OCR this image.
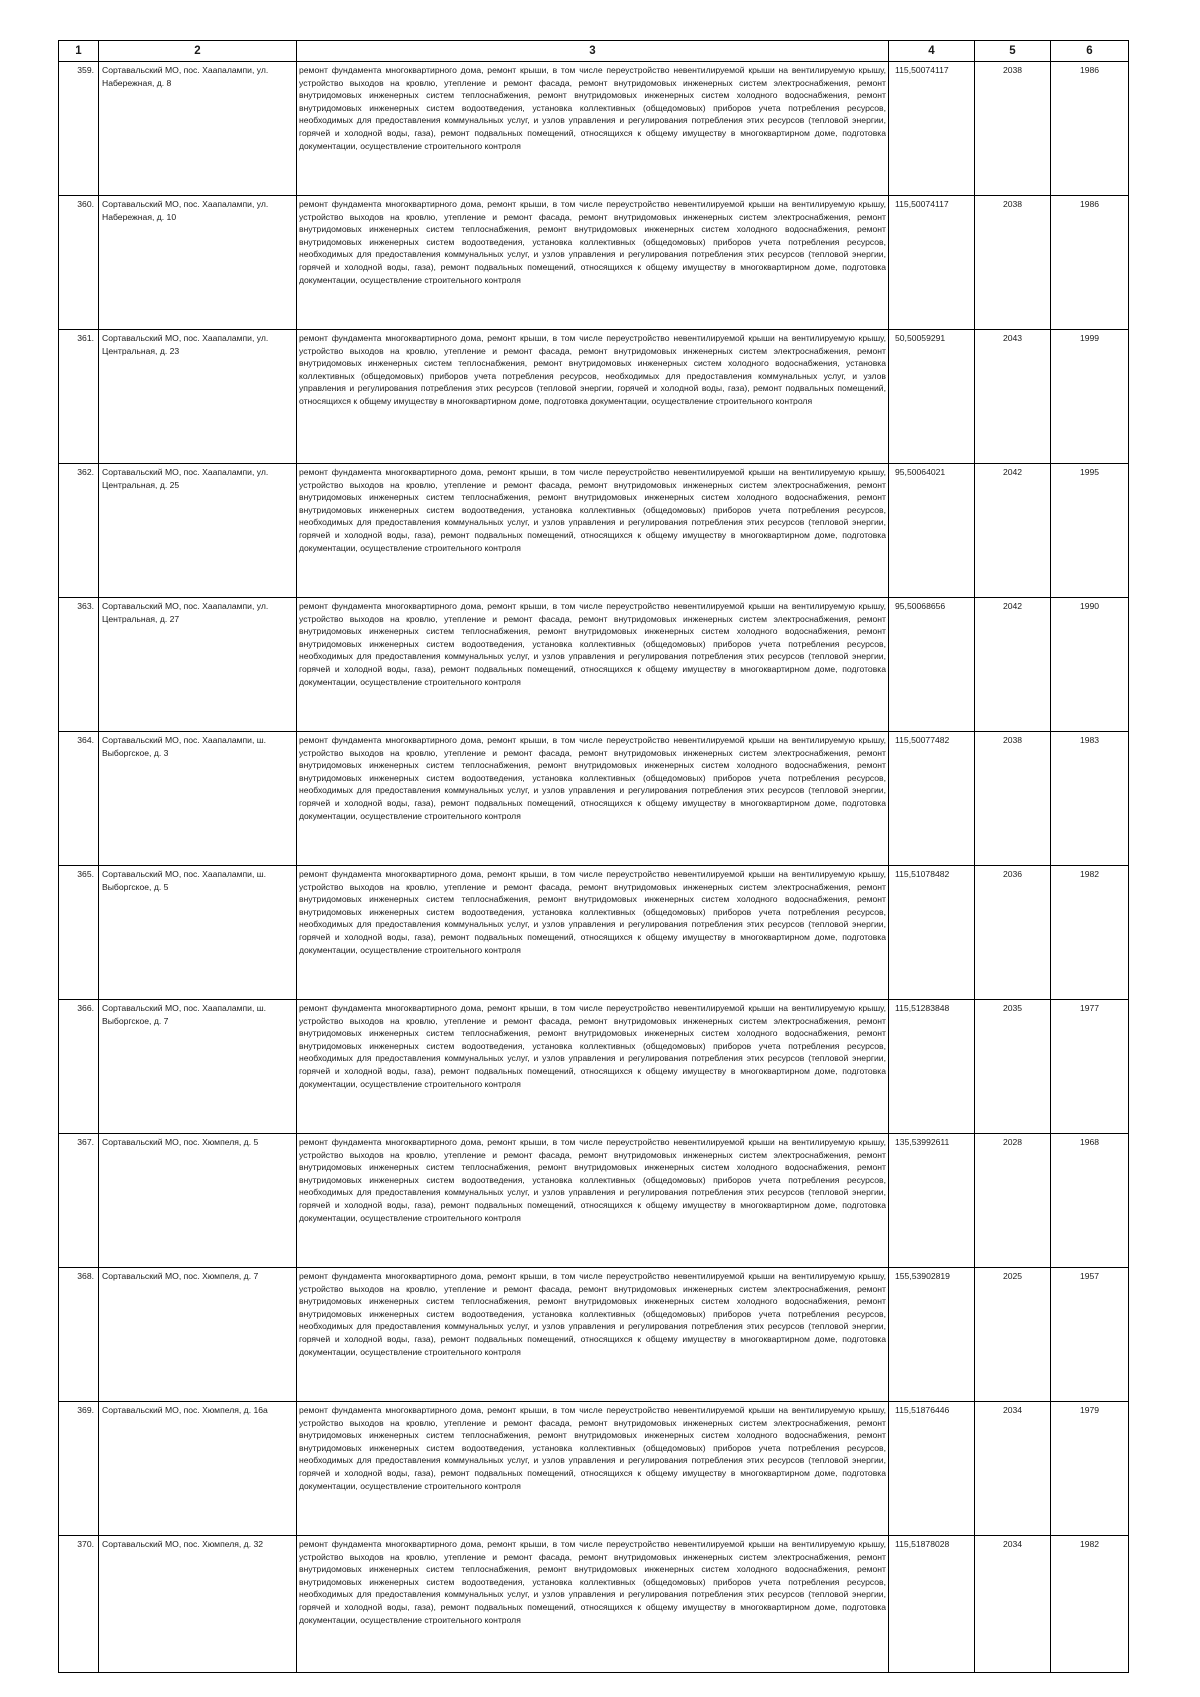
1	2	3	4	5	6
359.	Сортавальский МО, пос. Хаапалампи, ул. Набережная, д. 8	ремонт фундамента многоквартирного дома, ремонт крыши, в том числе переустройство невентилируемой крыши на вентилируемую крышу, устройство выходов на кровлю, утепление и ремонт фасада, ремонт внутридомовых инженерных систем электроснабжения, ремонт внутридомовых инженерных систем теплоснабжения, ремонт внутридомовых инженерных систем холодного водоснабжения, ремонт внутридомовых инженерных систем водоотведения, установка коллективных (общедомовых) приборов учета потребления ресурсов, необходимых для предоставления коммунальных услуг, и узлов управления и регулирования потребления этих ресурсов (тепловой энергии, горячей и холодной воды, газа), ремонт подвальных помещений, относящихся к общему имуществу в многоквартирном доме, подготовка документации, осуществление строительного контроля	115,50074117	2038	1986
360.	Сортавальский МО, пос. Хаапалампи, ул. Набережная, д. 10	ремонт фундамента многоквартирного дома, ремонт крыши, в том числе переустройство невентилируемой крыши на вентилируемую крышу, устройство выходов на кровлю, утепление и ремонт фасада, ремонт внутридомовых инженерных систем электроснабжения, ремонт внутридомовых инженерных систем теплоснабжения, ремонт внутридомовых инженерных систем холодного водоснабжения, ремонт внутридомовых инженерных систем водоотведения, установка коллективных (общедомовых) приборов учета потребления ресурсов, необходимых для предоставления коммунальных услуг, и узлов управления и регулирования потребления этих ресурсов (тепловой энергии, горячей и холодной воды, газа), ремонт подвальных помещений, относящихся к общему имуществу в многоквартирном доме, подготовка документации, осуществление строительного контроля	115,50074117	2038	1986
361.	Сортавальский МО, пос. Хаапалампи, ул. Центральная, д. 23	ремонт фундамента многоквартирного дома, ремонт крыши, в том числе переустройство невентилируемой крыши на вентилируемую крышу, устройство выходов на кровлю, утепление и ремонт фасада, ремонт внутридомовых инженерных систем электроснабжения, ремонт внутридомовых инженерных систем теплоснабжения, ремонт внутридомовых инженерных систем холодного водоснабжения, установка коллективных (общедомовых) приборов учета потребления ресурсов, необходимых для предоставления коммунальных услуг, и узлов управления и регулирования потребления этих ресурсов (тепловой энергии, горячей и холодной воды, газа), ремонт подвальных помещений, относящихся к общему имуществу в многоквартирном доме, подготовка документации, осуществление строительного контроля	50,50059291	2043	1999
362.	Сортавальский МО, пос. Хаапалампи, ул. Центральная, д. 25	ремонт фундамента многоквартирного дома, ремонт крыши, в том числе переустройство невентилируемой крыши на вентилируемую крышу, устройство выходов на кровлю, утепление и ремонт фасада, ремонт внутридомовых инженерных систем электроснабжения, ремонт внутридомовых инженерных систем теплоснабжения, ремонт внутридомовых инженерных систем холодного водоснабжения, ремонт внутридомовых инженерных систем водоотведения, установка коллективных (общедомовых) приборов учета потребления ресурсов, необходимых для предоставления коммунальных услуг, и узлов управления и регулирования потребления этих ресурсов (тепловой энергии, горячей и холодной воды, газа), ремонт подвальных помещений, относящихся к общему имуществу в многоквартирном доме, подготовка документации, осуществление строительного контроля	95,50064021	2042	1995
363.	Сортавальский МО, пос. Хаапалампи, ул. Центральная, д. 27	ремонт фундамента многоквартирного дома, ремонт крыши, в том числе переустройство невентилируемой крыши на вентилируемую крышу, устройство выходов на кровлю, утепление и ремонт фасада, ремонт внутридомовых инженерных систем электроснабжения, ремонт внутридомовых инженерных систем теплоснабжения, ремонт внутридомовых инженерных систем холодного водоснабжения, ремонт внутридомовых инженерных систем водоотведения, установка коллективных (общедомовых) приборов учета потребления ресурсов, необходимых для предоставления коммунальных услуг, и узлов управления и регулирования потребления этих ресурсов (тепловой энергии, горячей и холодной воды, газа), ремонт подвальных помещений, относящихся к общему имуществу в многоквартирном доме, подготовка документации, осуществление строительного контроля	95,50068656	2042	1990
364.	Сортавальский МО, пос. Хаапалампи, ш. Выборгское, д. 3	ремонт фундамента многоквартирного дома, ремонт крыши, в том числе переустройство невентилируемой крыши на вентилируемую крышу, устройство выходов на кровлю, утепление и ремонт фасада, ремонт внутридомовых инженерных систем электроснабжения, ремонт внутридомовых инженерных систем теплоснабжения, ремонт внутридомовых инженерных систем холодного водоснабжения, ремонт внутридомовых инженерных систем водоотведения, установка коллективных (общедомовых) приборов учета потребления ресурсов, необходимых для предоставления коммунальных услуг, и узлов управления и регулирования потребления этих ресурсов (тепловой энергии, горячей и холодной воды, газа), ремонт подвальных помещений, относящихся к общему имуществу в многоквартирном доме, подготовка документации, осуществление строительного контроля	115,50077482	2038	1983
365.	Сортавальский МО, пос. Хаапалампи, ш. Выборгское, д. 5	ремонт фундамента многоквартирного дома, ремонт крыши, в том числе переустройство невентилируемой крыши на вентилируемую крышу, устройство выходов на кровлю, утепление и ремонт фасада, ремонт внутридомовых инженерных систем электроснабжения, ремонт внутридомовых инженерных систем теплоснабжения, ремонт внутридомовых инженерных систем холодного водоснабжения, ремонт внутридомовых инженерных систем водоотведения, установка коллективных (общедомовых) приборов учета потребления ресурсов, необходимых для предоставления коммунальных услуг, и узлов управления и регулирования потребления этих ресурсов (тепловой энергии, горячей и холодной воды, газа), ремонт подвальных помещений, относящихся к общему имуществу в многоквартирном доме, подготовка документации, осуществление строительного контроля	115,51078482	2036	1982
366.	Сортавальский МО, пос. Хаапалампи, ш. Выборгское, д. 7	ремонт фундамента многоквартирного дома, ремонт крыши, в том числе переустройство невентилируемой крыши на вентилируемую крышу, устройство выходов на кровлю, утепление и ремонт фасада, ремонт внутридомовых инженерных систем электроснабжения, ремонт внутридомовых инженерных систем теплоснабжения, ремонт внутридомовых инженерных систем холодного водоснабжения, ремонт внутридомовых инженерных систем водоотведения, установка коллективных (общедомовых) приборов учета потребления ресурсов, необходимых для предоставления коммунальных услуг, и узлов управления и регулирования потребления этих ресурсов (тепловой энергии, горячей и холодной воды, газа), ремонт подвальных помещений, относящихся к общему имуществу в многоквартирном доме, подготовка документации, осуществление строительного контроля	115,51283848	2035	1977
367.	Сортавальский МО, пос. Хюмпеля, д. 5	ремонт фундамента многоквартирного дома, ремонт крыши, в том числе переустройство невентилируемой крыши на вентилируемую крышу, устройство выходов на кровлю, утепление и ремонт фасада, ремонт внутридомовых инженерных систем электроснабжения, ремонт внутридомовых инженерных систем теплоснабжения, ремонт внутридомовых инженерных систем холодного водоснабжения, ремонт внутридомовых инженерных систем водоотведения, установка коллективных (общедомовых) приборов учета потребления ресурсов, необходимых для предоставления коммунальных услуг, и узлов управления и регулирования потребления этих ресурсов (тепловой энергии, горячей и холодной воды, газа), ремонт подвальных помещений, относящихся к общему имуществу в многоквартирном доме, подготовка документации, осуществление строительного контроля	135,53992611	2028	1968
368.	Сортавальский МО, пос. Хюмпеля, д. 7	ремонт фундамента многоквартирного дома, ремонт крыши, в том числе переустройство невентилируемой крыши на вентилируемую крышу, устройство выходов на кровлю, утепление и ремонт фасада, ремонт внутридомовых инженерных систем электроснабжения, ремонт внутридомовых инженерных систем теплоснабжения, ремонт внутридомовых инженерных систем холодного водоснабжения, ремонт внутридомовых инженерных систем водоотведения, установка коллективных (общедомовых) приборов учета потребления ресурсов, необходимых для предоставления коммунальных услуг, и узлов управления и регулирования потребления этих ресурсов (тепловой энергии, горячей и холодной воды, газа), ремонт подвальных помещений, относящихся к общему имуществу в многоквартирном доме, подготовка документации, осуществление строительного контроля	155,53902819	2025	1957
369.	Сортавальский МО, пос. Хюмпеля, д. 16а	ремонт фундамента многоквартирного дома, ремонт крыши, в том числе переустройство невентилируемой крыши на вентилируемую крышу, устройство выходов на кровлю, утепление и ремонт фасада, ремонт внутридомовых инженерных систем электроснабжения, ремонт внутридомовых инженерных систем теплоснабжения, ремонт внутридомовых инженерных систем холодного водоснабжения, ремонт внутридомовых инженерных систем водоотведения, установка коллективных (общедомовых) приборов учета потребления ресурсов, необходимых для предоставления коммунальных услуг, и узлов управления и регулирования потребления этих ресурсов (тепловой энергии, горячей и холодной воды, газа), ремонт подвальных помещений, относящихся к общему имуществу в многоквартирном доме, подготовка документации, осуществление строительного контроля	115,51876446	2034	1979
370.	Сортавальский МО, пос. Хюмпеля, д. 32	ремонт фундамента многоквартирного дома, ремонт крыши, в том числе переустройство невентилируемой крыши на вентилируемую крышу, устройство выходов на кровлю, утепление и ремонт фасада, ремонт внутридомовых инженерных систем электроснабжения, ремонт внутридомовых инженерных систем теплоснабжения, ремонт внутридомовых инженерных систем холодного водоснабжения, ремонт внутридомовых инженерных систем водоотведения, установка коллективных (общедомовых) приборов учета потребления ресурсов, необходимых для предоставления коммунальных услуг, и узлов управления и регулирования потребления этих ресурсов (тепловой энергии, горячей и холодной воды, газа), ремонт подвальных помещений, относящихся к общему имуществу в многоквартирном доме, подготовка документации, осуществление строительного контроля	115,51878028	2034	1982
